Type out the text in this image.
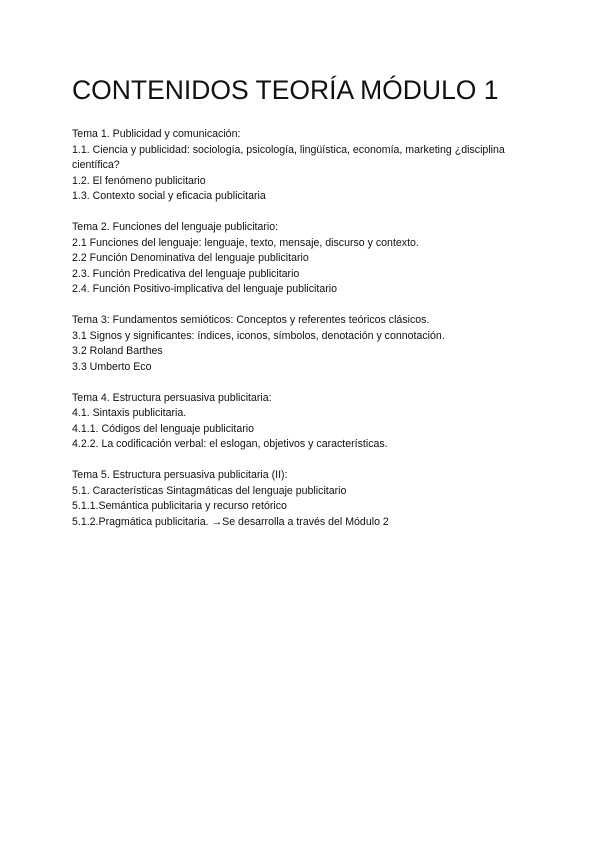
CONTENIDOS TEORÍA MÓDULO 1

Tema 1. Publicidad y comunicación:

1.1. Ciencia y publicidad: sociología, psicología, lingüística, economía, marketing ¿disciplina científica?

1.2. El fenómeno publicitario

1.3. Contexto social y eficacia publicitaria

Tema 2. Funciones del lenguaje publicitario:

2.1 Funciones del lenguaje: lenguaje, texto, mensaje, discurso y contexto.

2.2 Función Denominativa del lenguaje publicitario

2.3. Función Predicativa del lenguaje publicitario

2.4. Función Positivo-implicativa del lenguaje publicitario

Tema 3: Fundamentos semióticos: Conceptos y referentes teóricos clásicos.

3.1 Signos y significantes: índices, iconos, símbolos, denotación y connotación.

3.2 Roland Barthes

3.3 Umberto Eco

Tema 4. Estructura persuasiva publicitaria:

4.1. Sintaxis publicitaria.

4.1.1. Códigos del lenguaje publicitario

4.2.2. La codificación verbal: el eslogan, objetivos y características.

Tema 5. Estructura persuasiva publicitaria (II):

5.1. Características Sintagmáticas del lenguaje publicitario

5.1.1.Semántica publicitaria y recurso retórico

5.1.2.Pragmática publicitaria. →Se desarrolla a través del Módulo 2
